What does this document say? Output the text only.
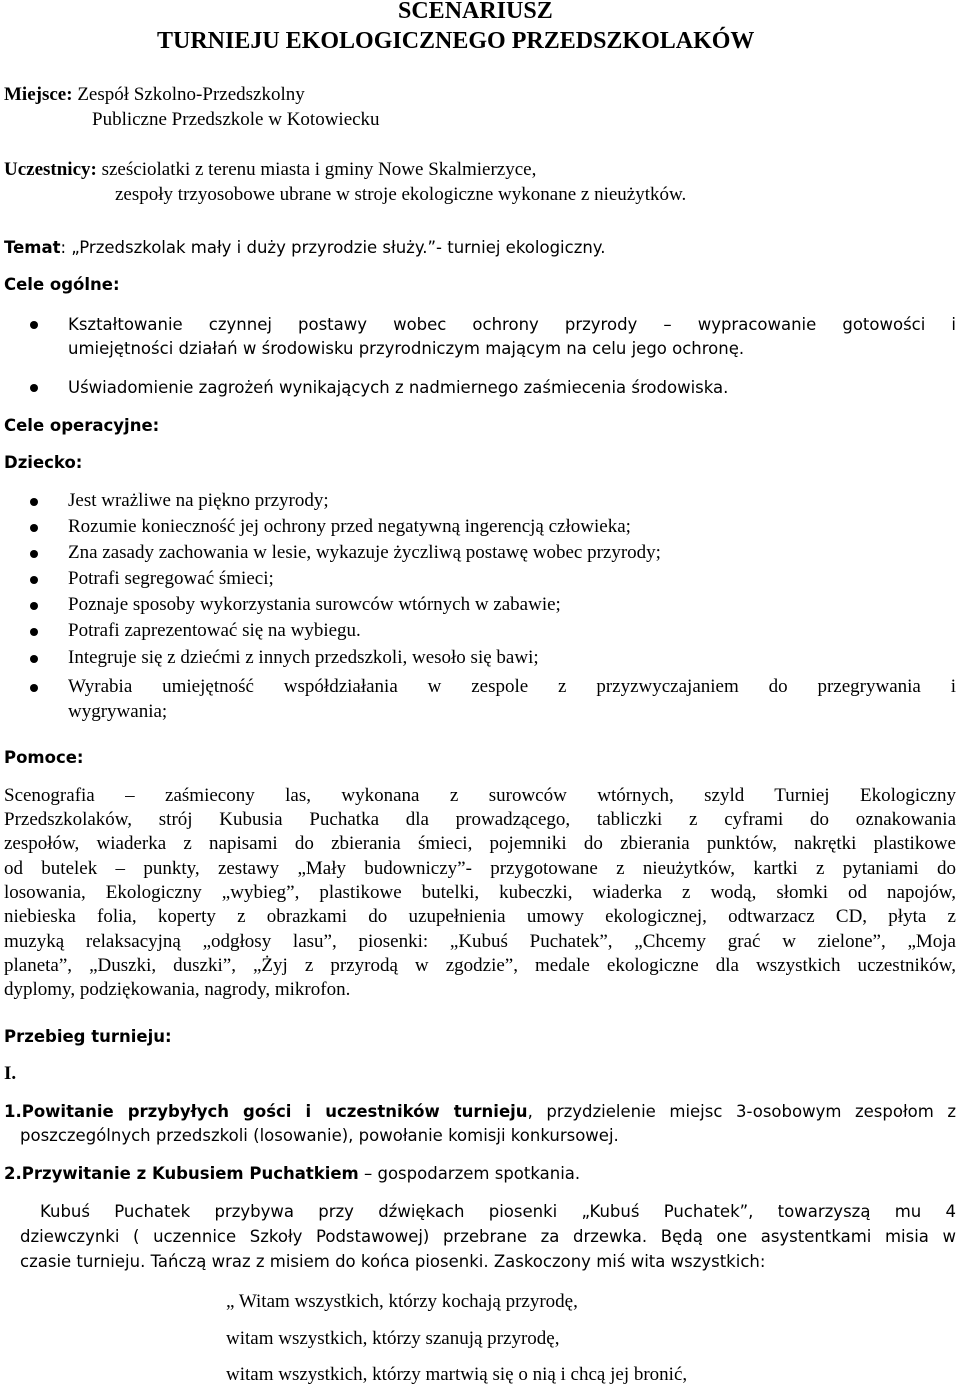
SCENARIUSZ
TURNIEJU EKOLOGICZNEGO PRZEDSZKOLAKÓW
Miejsce: Zespół Szkolno-Przedszkolny
Publiczne Przedszkole w Kotowiecku
Uczestnicy: sześciolatki z terenu miasta i gminy Nowe Skalmierzyce,
zespoły trzyosobowe ubrane w stroje ekologiczne wykonane z nieużytków.
Temat: „Przedszkolak mały i duży przyrodzie służy.”- turniej ekologiczny.
Cele ogólne:
Kształtowanie czynnej postawy wobec ochrony przyrody – wypracowanie gotowości i
umiejętności działań w środowisku przyrodniczym mającym na celu jego ochronę.
Uświadomienie zagrożeń wynikających z nadmiernego zaśmiecenia środowiska.
Cele operacyjne:
Dziecko:
Jest wrażliwe na piękno przyrody;
Rozumie konieczność jej ochrony przed negatywną ingerencją człowieka;
Zna zasady zachowania w lesie, wykazuje życzliwą postawę wobec przyrody;
Potrafi segregować śmieci;
Poznaje sposoby wykorzystania surowców wtórnych w zabawie;
Potrafi zaprezentować się na wybiegu.
Integruje się z dziećmi z innych przedszkoli, wesoło się bawi;
Wyrabia umiejętność współdziałania w zespole z przyzwyczajaniem do przegrywania i
wygrywania;
Pomoce:
Scenografia – zaśmiecony las, wykonana z surowców wtórnych, szyld Turniej Ekologiczny
Przedszkolaków, strój Kubusia Puchatka dla prowadzącego, tabliczki z cyframi do oznakowania
zespołów, wiaderka z napisami do zbierania śmieci, pojemniki do zbierania punktów, nakrętki plastikowe
od butelek – punkty, zestawy „Mały budowniczy”- przygotowane z nieużytków, kartki z pytaniami do
losowania, Ekologiczny „wybieg”, plastikowe butelki, kubeczki, wiaderka z wodą, słomki od napojów,
niebieska folia, koperty z obrazkami do uzupełnienia umowy ekologicznej, odtwarzacz CD, płyta z
muzyką relaksacyjną „odgłosy lasu”, piosenki: „Kubuś Puchatek”, „Chcemy grać w zielone”, „Moja
planeta”, „Duszki, duszki”, „Żyj z przyrodą w zgodzie”, medale ekologiczne dla wszystkich uczestników,
dyplomy, podziękowania, nagrody, mikrofon.
Przebieg turnieju:
I.
1.Powitanie przybyłych gości i uczestników turnieju, przydzielenie miejsc 3-osobowym zespołom z
poszczególnych przedszkoli (losowanie), powołanie komisji konkursowej.
2.Przywitanie z Kubusiem Puchatkiem – gospodarzem spotkania.
Kubuś Puchatek przybywa przy dźwiękach piosenki „Kubuś Puchatek”, towarzyszą mu 4
dziewczynki ( uczennice Szkoły Podstawowej) przebrane za drzewka. Będą one asystentkami misia w
czasie turnieju. Tańczą wraz z misiem do końca piosenki. Zaskoczony miś wita wszystkich:
„ Witam wszystkich, którzy kochają przyrodę,
witam wszystkich, którzy szanują przyrodę,
witam wszystkich, którzy martwią się o nią i chcą jej bronić,
